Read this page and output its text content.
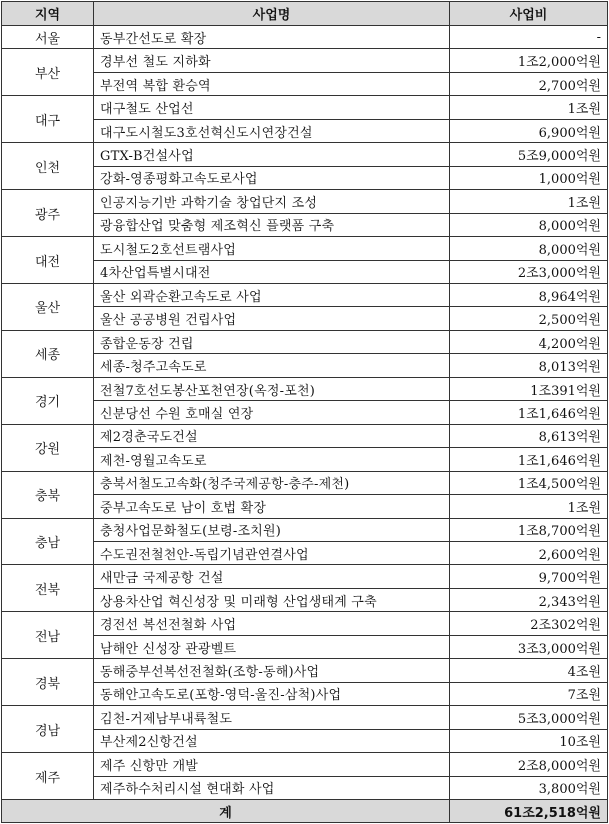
지역	사업명	사업비
서울	동부간선도로 확장	-
부산	경부선 철도 지하화	1조2,000억원
	부전역 복합 환승역	2,700억원
대구	대구철도 산업선	1조원
	대구도시철도3호선혁신도시연장건설	6,900억원
인천	GTX-B건설사업	5조9,000억원
	강화-영종평화고속도로사업	1,000억원
광주	인공지능기반 과학기술 창업단지 조성	1조원
	광융합산업 맞춤형 제조혁신 플랫폼 구축	8,000억원
대전	도시철도2호선트램사업	8,000억원
	4차산업특별시대전	2조3,000억원
울산	울산 외곽순환고속도로 사업	8,964억원
	울산 공공병원 건립사업	2,500억원
세종	종합운동장 건립	4,200억원
	세종-청주고속도로	8,013억원
경기	전철7호선도봉산포천연장(옥정-포천)	1조391억원
	신분당선 수원 호매실 연장	1조1,646억원
강원	제2경춘국도건설	8,613억원
	제천-영월고속도로	1조1,646억원
충북	충북서철도고속화(청주국제공항-충주-제천)	1조4,500억원
	중부고속도로 남이 호법 확장	1조원
충남	충청사업문화철도(보령-조치원)	1조8,700억원
	수도권전철천안-독립기념관연결사업	2,600억원
전북	새만금 국제공항 건설	9,700억원
	상용차산업 혁신성장 및 미래형 산업생태계 구축	2,343억원
전남	경전선 복선전철화 사업	2조302억원
	남해안 신성장 관광벨트	3조3,000억원
경북	동해중부선복선전철화(조항-동해)사업	4조원
	동해안고속도로(포항-영덕-울진-삼척)사업	7조원
경남	김천-거제남부내륙철도	5조3,000억원
	부산제2신항건설	10조원
제주	제주 신항만 개발	2조8,000억원
	제주하수처리시설 현대화 사업	3,800억원
계		61조2,518억원
